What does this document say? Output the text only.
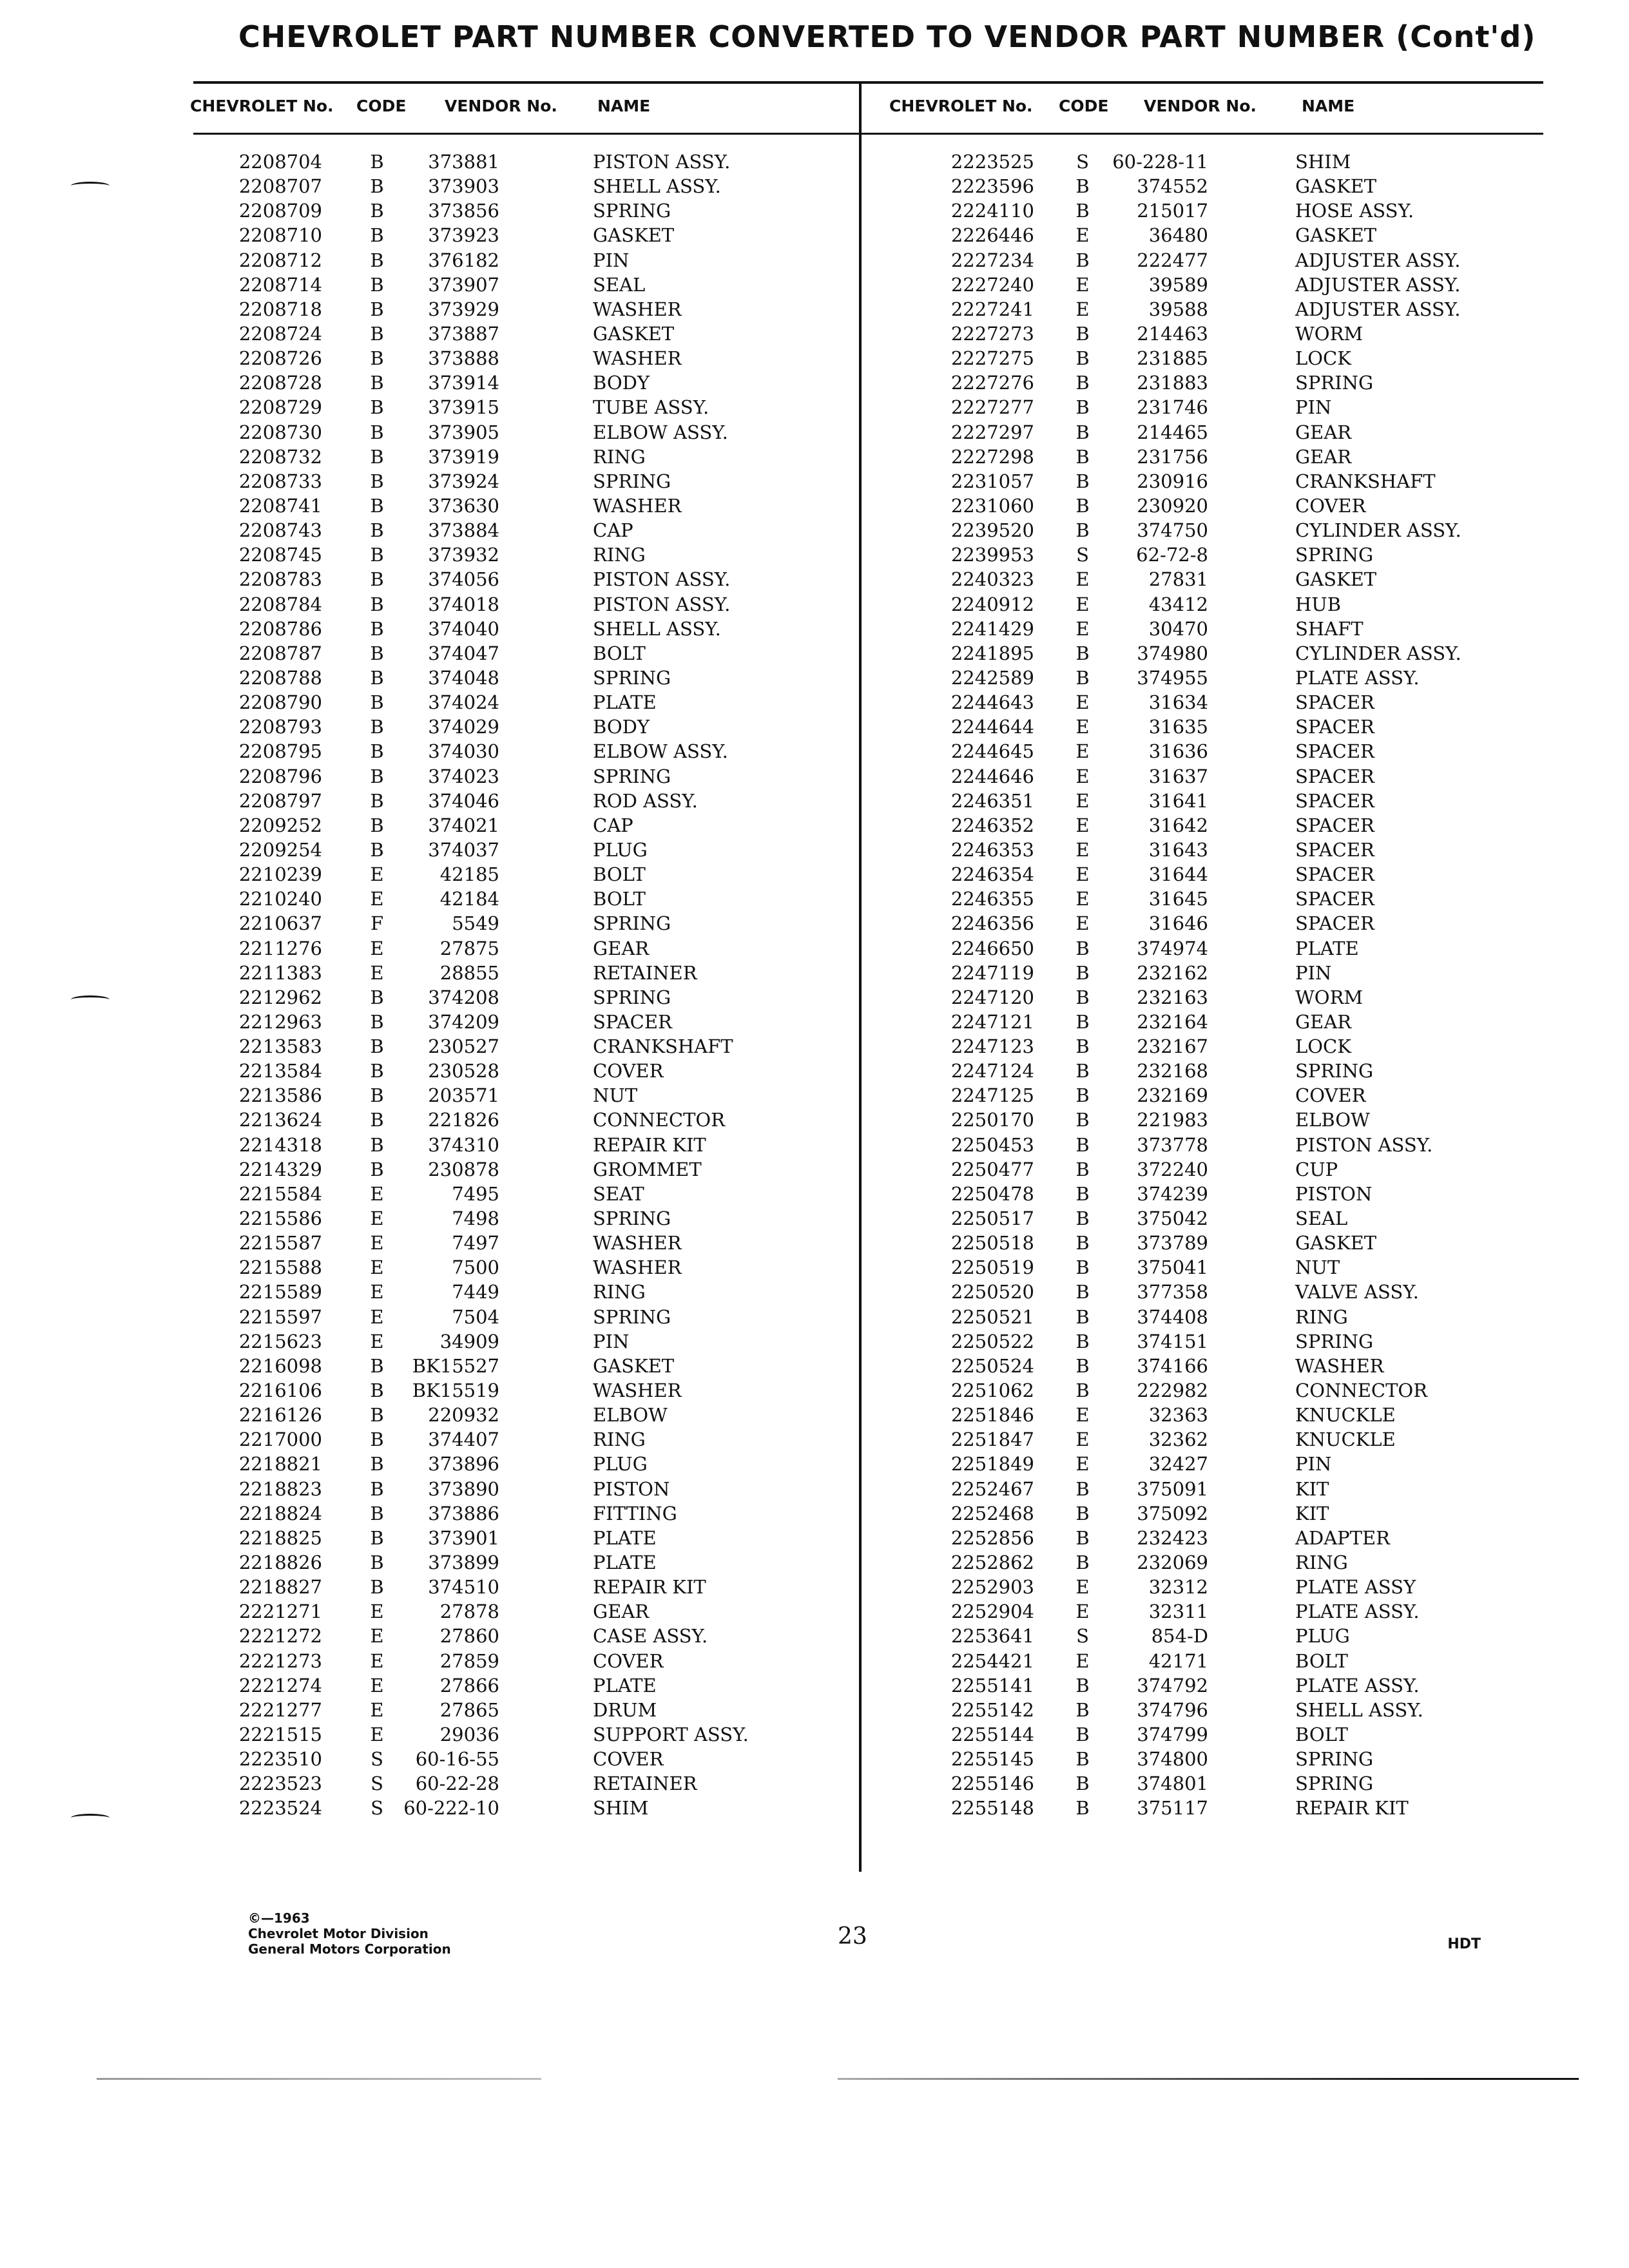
CHEVROLET PART NUMBER CONVERTED TO VENDOR PART NUMBER (Cont'd)
CHEVROLET No. CODE VENDOR No. NAME	CHEVROLET No. CODE VENDOR No.	NAME
2208704	B	373881	PISTON ASSY.
2208707	B	373903	SHELL ASSY.
2208709	B	373856	SPRING
2208710	B	373923	GASKET
2208712	B	376182	PIN
2208714	B	373907	SEAL
2208718	B	373929	WASHER
2208724	B	373887	GASKET
2208726	B	373888	WASHER
2208728	B	373914	BODY
2208729	B	373915	TUBE ASSY.
2208730	B	373905	ELBOW ASSY.
2208732	B	373919	RING
2208733	B	373924	SPRING
2208741	B	373630	WASHER
2208743	B	373884	CAP
2208745	B	373932	RING
2208783	B	374056	PISTON ASSY.
2208784	B	374018	PISTON ASSY.
2208786	B	374040	SHELL ASSY.
2208787	B	374047	BOLT
2208788	B	374048	SPRING
2208790	B	374024	PLATE
2208793	B	374029	BODY
2208795	B	374030	ELBOW ASSY.
2208796	B	374023	SPRING
2208797	B	374046	ROD ASSY.
2209252	B	374021	CAP
2209254	B	374037	PLUG
2210239	E	42185	BOLT
2210240	E	42184	BOLT
2210637	F	5549	SPRING
2211276	E	27875	GEAR
2211383	E	28855	RETAINER
2212962	B	374208	SPRING
2212963	B	374209	SPACER
2213583	B	230527	CRANKSHAFT
2213584	B	230528	COVER
2213586	B	203571	NUT
2213624	B	221826	CONNECTOR
2214318	B	374310	REPAIR KIT
2214329	B	230878	GROMMET
2215584	E	7495	SEAT
2215586	E	7498	SPRING
2215587	E	7497	WASHER
2215588	E	7500	WASHER
2215589	E	7449	RING
2215597	E	7504	SPRING
2215623	E	34909	PIN
2216098	B	BK15527	GASKET
2216106	B	BK15519	WASHER
2216126	B	220932	ELBOW
2217000	B	374407	RING
2218821	B	373896	PLUG
2218823	B	373890	PISTON
2218824	B	373886	FITTING
2218825	B	373901	PLATE
2218826	B	373899	PLATE
2218827	B	374510	REPAIR KIT
2221271	E	27878	GEAR
2221272	E	27860	CASE ASSY.
2221273	E	27859	COVER
2221274	E	27866	PLATE
2221277	E	27865	DRUM
2221515	E	29036	SUPPORT ASSY.
2223510	S	60-16-55	COVER
2223523	S	60-22-28	RETAINER
2223524	S	60-222-10	SHIM
2223525	S	60-228-11	SHIM
2223596	B	374552	GASKET
2224110	B	215017	HOSE ASSY.
2226446	E	36480	GASKET
2227234	B	222477	ADJUSTER ASSY.
2227240	E	39589	ADJUSTER ASSY.
2227241	E	39588	ADJUSTER ASSY.
2227273	B	214463	WORM
2227275	B	231885	LOCK
2227276	B	231883	SPRING
2227277	B	231746	PIN
2227297	B	214465	GEAR
2227298	B	231756	GEAR
2231057	B	230916	CRANKSHAFT
2231060	B	230920	COVER
2239520	B	374750	CYLINDER ASSY.
2239953	S	62-72-8	SPRING
2240323	E	27831	GASKET
2240912	E	43412	HUB
2241429	E	30470	SHAFT
2241895	B	374980	CYLINDER ASSY.
2242589	B	374955	PLATE ASSY.
2244643	E	31634	SPACER
2244644	E	31635	SPACER
2244645	E	31636	SPACER
2244646	E	31637	SPACER
2246351	E	31641	SPACER
2246352	E	31642	SPACER
2246353	E	31643	SPACER
2246354	E	31644	SPACER
2246355	E	31645	SPACER
2246356	E	31646	SPACER
2246650	B	374974	PLATE
2247119	B	232162	PIN
2247120	B	232163	WORM
2247121	B	232164	GEAR
2247123	B	232167	LOCK
2247124	B	232168	SPRING
2247125	B	232169	COVER
2250170	B	221983	ELBOW
2250453	B	373778	PISTON ASSY.
2250477	B	372240	CUP
2250478	B	374239	PISTON
2250517	B	375042	SEAL
2250518	B	373789	GASKET
2250519	B	375041	NUT
2250520	B	377358	VALVE ASSY.
2250521	B	374408	RING
2250522	B	374151	SPRING
2250524	B	374166	WASHER
2251062	B	222982	CONNECTOR
2251846	E	32363	KNUCKLE
2251847	E	32362	KNUCKLE
2251849	E	32427	PIN
2252467	B	375091	KIT
2252468	B	375092	KIT
2252856	B	232423	ADAPTER
2252862	B	232069	RING
2252903	E	32312	PLATE ASSY
2252904	E	32311	PLATE ASSY.
2253641	S	854-D	PLUG
2254421	E	42171	BOLT
2255141	B	374792	PLATE ASSY.
2255142	B	374796	SHELL ASSY.
2255144	B	374799	BOLT
2255145	B	374800	SPRING
2255146	B	374801	SPRING
2255148	B	375117	REPAIR KIT
©—1963
Chevrolet Motor Division
General Motors Corporation	23	HDT
